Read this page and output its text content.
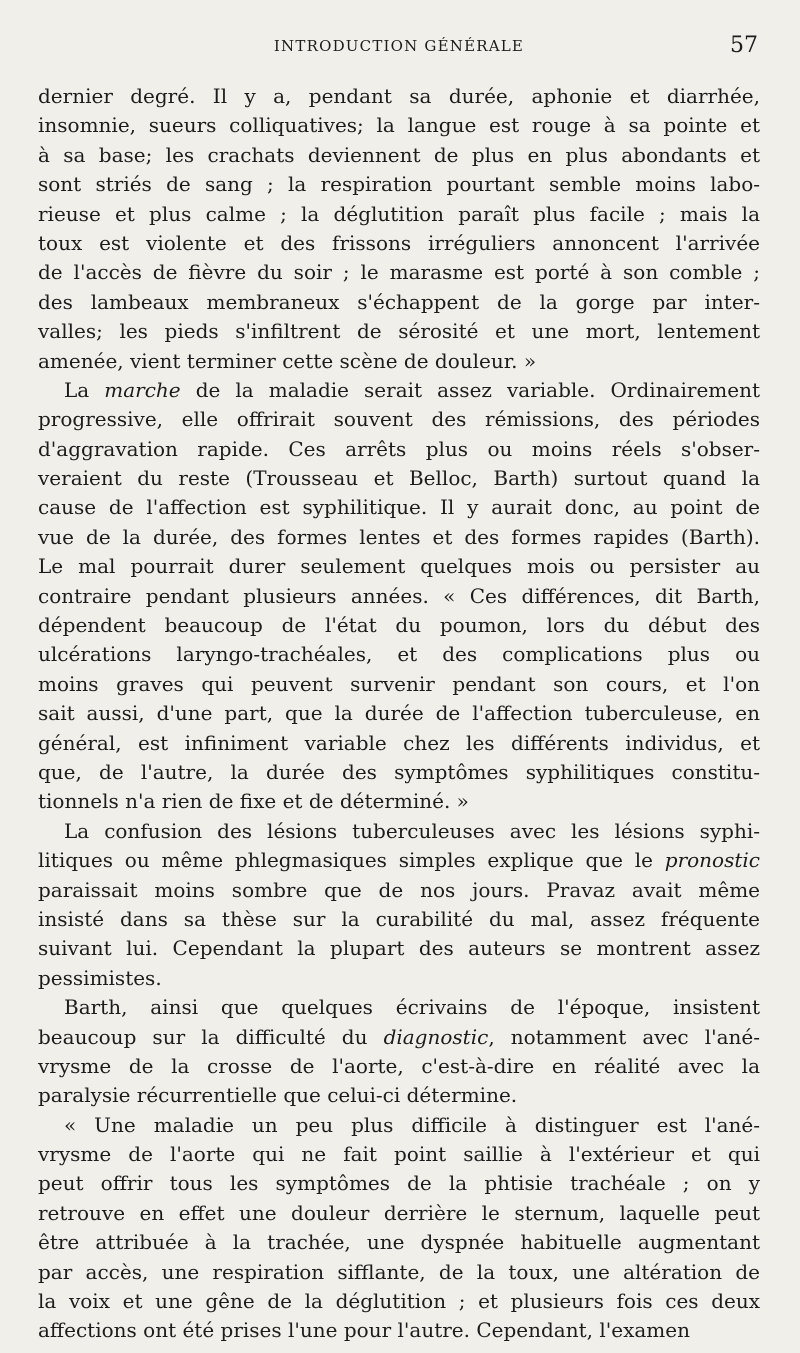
INTRODUCTION GÉNÉRALE	57
dernier degré. Il y a, pendant sa durée, aphonie et diarrhée,
insomnie, sueurs colliquatives; la langue est rouge à sa pointe et
à sa base; les crachats deviennent de plus en plus abondants et
sont striés de sang ; la respiration pourtant semble moins labo-
rieuse et plus calme ; la déglutition paraît plus facile ; mais la
toux est violente et des frissons irréguliers annoncent l'arrivée
de l'accès de fièvre du soir ; le marasme est porté à son comble ;
des lambeaux membraneux s'échappent de la gorge par inter-
valles; les pieds s'infiltrent de sérosité et une mort, lentement
amenée, vient terminer cette scène de douleur. »
La marche de la maladie serait assez variable. Ordinairement
progressive, elle offrirait souvent des rémissions, des périodes
d'aggravation rapide. Ces arrêts plus ou moins réels s'obser-
veraient du reste (Trousseau et Belloc, Barth) surtout quand la
cause de l'affection est syphilitique. Il y aurait donc, au point de
vue de la durée, des formes lentes et des formes rapides (Barth).
Le mal pourrait durer seulement quelques mois ou persister au
contraire pendant plusieurs années. « Ces différences, dit Barth,
dépendent beaucoup de l'état du poumon, lors du début des
ulcérations laryngo-trachéales, et des complications plus ou
moins graves qui peuvent survenir pendant son cours, et l'on
sait aussi, d'une part, que la durée de l'affection tuberculeuse, en
général, est infiniment variable chez les différents individus, et
que, de l'autre, la durée des symptômes syphilitiques constitu-
tionnels n'a rien de fixe et de déterminé. »
La confusion des lésions tuberculeuses avec les lésions syphi-
litiques ou même phlegmasiques simples explique que le pronostic
paraissait moins sombre que de nos jours. Pravaz avait même
insisté dans sa thèse sur la curabilité du mal, assez fréquente
suivant lui. Cependant la plupart des auteurs se montrent assez
pessimistes.
Barth, ainsi que quelques écrivains de l'époque, insistent
beaucoup sur la difficulté du diagnostic, notamment avec l'ané-
vrysme de la crosse de l'aorte, c'est-à-dire en réalité avec la
paralysie récurrentielle que celui-ci détermine.
« Une maladie un peu plus difficile à distinguer est l'ané-
vrysme de l'aorte qui ne fait point saillie à l'extérieur et qui
peut offrir tous les symptômes de la phtisie trachéale ; on y
retrouve en effet une douleur derrière le sternum, laquelle peut
être attribuée à la trachée, une dyspnée habituelle augmentant
par accès, une respiration sifflante, de la toux, une altération de
la voix et une gêne de la déglutition ; et plusieurs fois ces deux
affections ont été prises l'une pour l'autre. Cependant, l'examen
